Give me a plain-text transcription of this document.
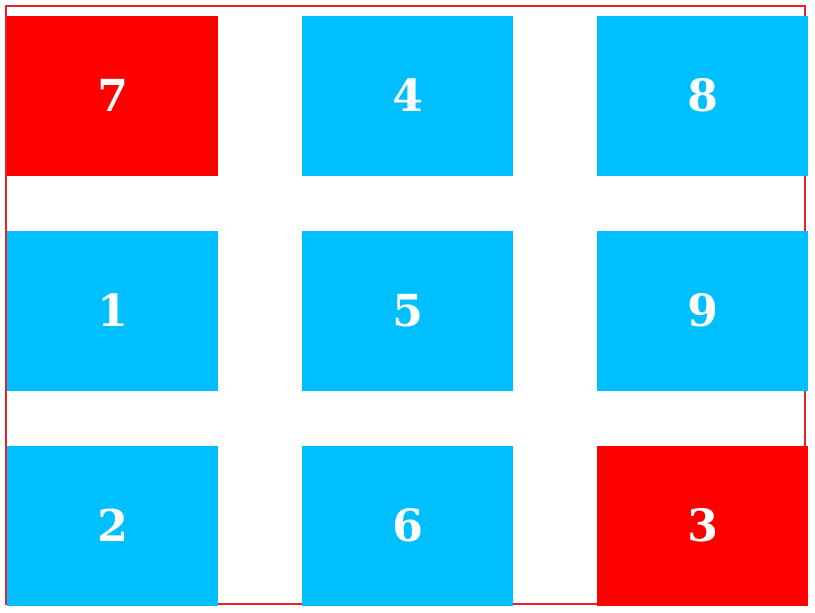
7	4	8
1	5	9
2	6	3
